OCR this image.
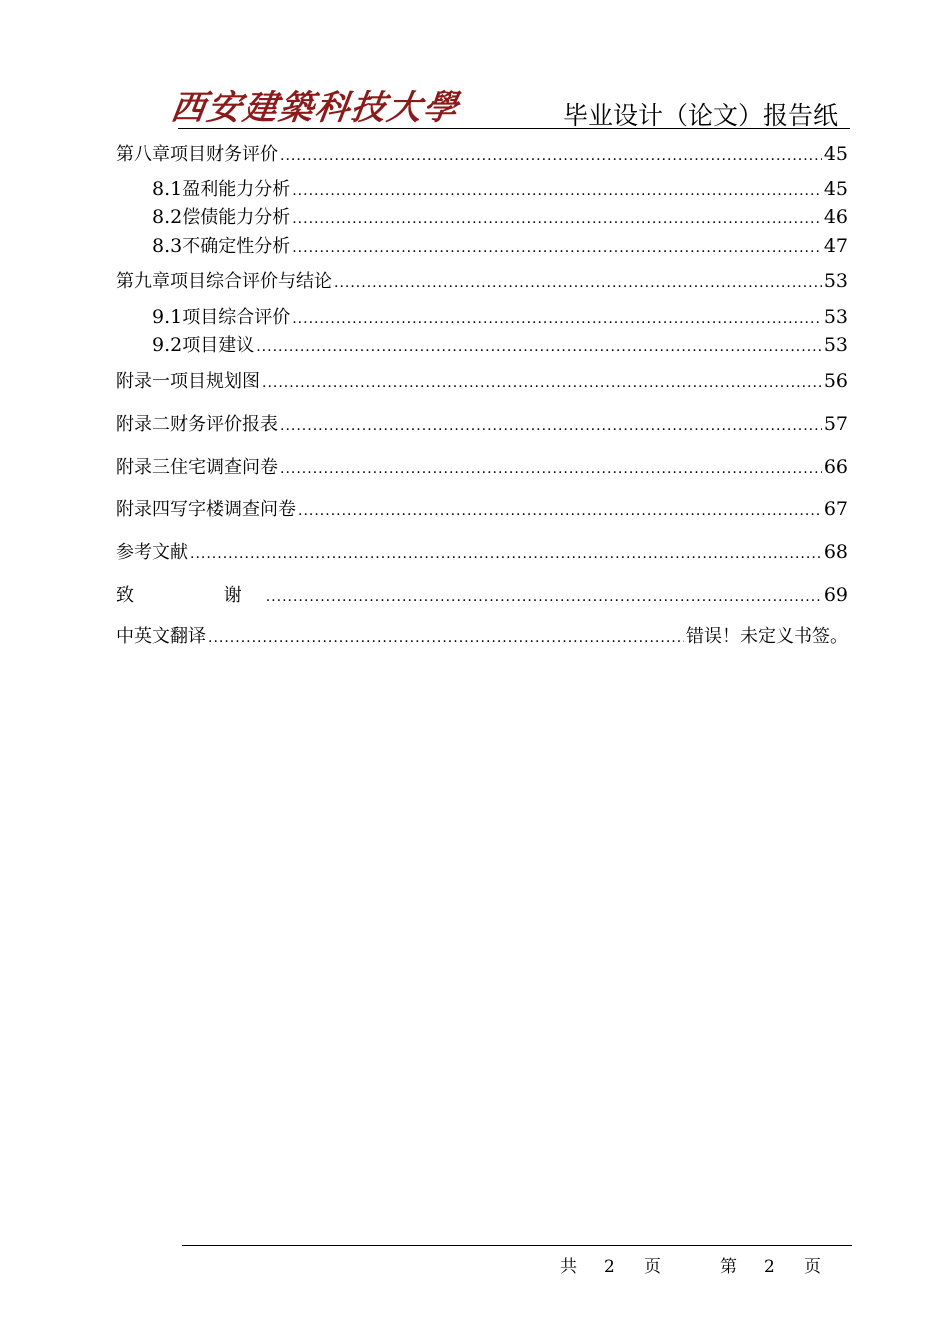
西安建築科技大學	毕业设计（论文）报告纸
第八章 项目财务评价 .....	45
8.1 盈利能力分析 .....	45
8.2 偿债能力分析 .....	46
8.3 不确定性分析 .....	47
第九章 项目综合评价与结论 .....	53
9.1 项目综合评价 .....	53
9.2 项目建议 .....	53
附录一 项目规划图 .....	56
附录二 财务评价报表 .....	57
附录三 住宅调查问卷 .....	66
附录四 写字楼调查问卷 .....	67
参考文献 .....	68
致　 谢 .....	69
中英文翻译 .....	错误！未定义书签。
共 2 页	第 2 页
